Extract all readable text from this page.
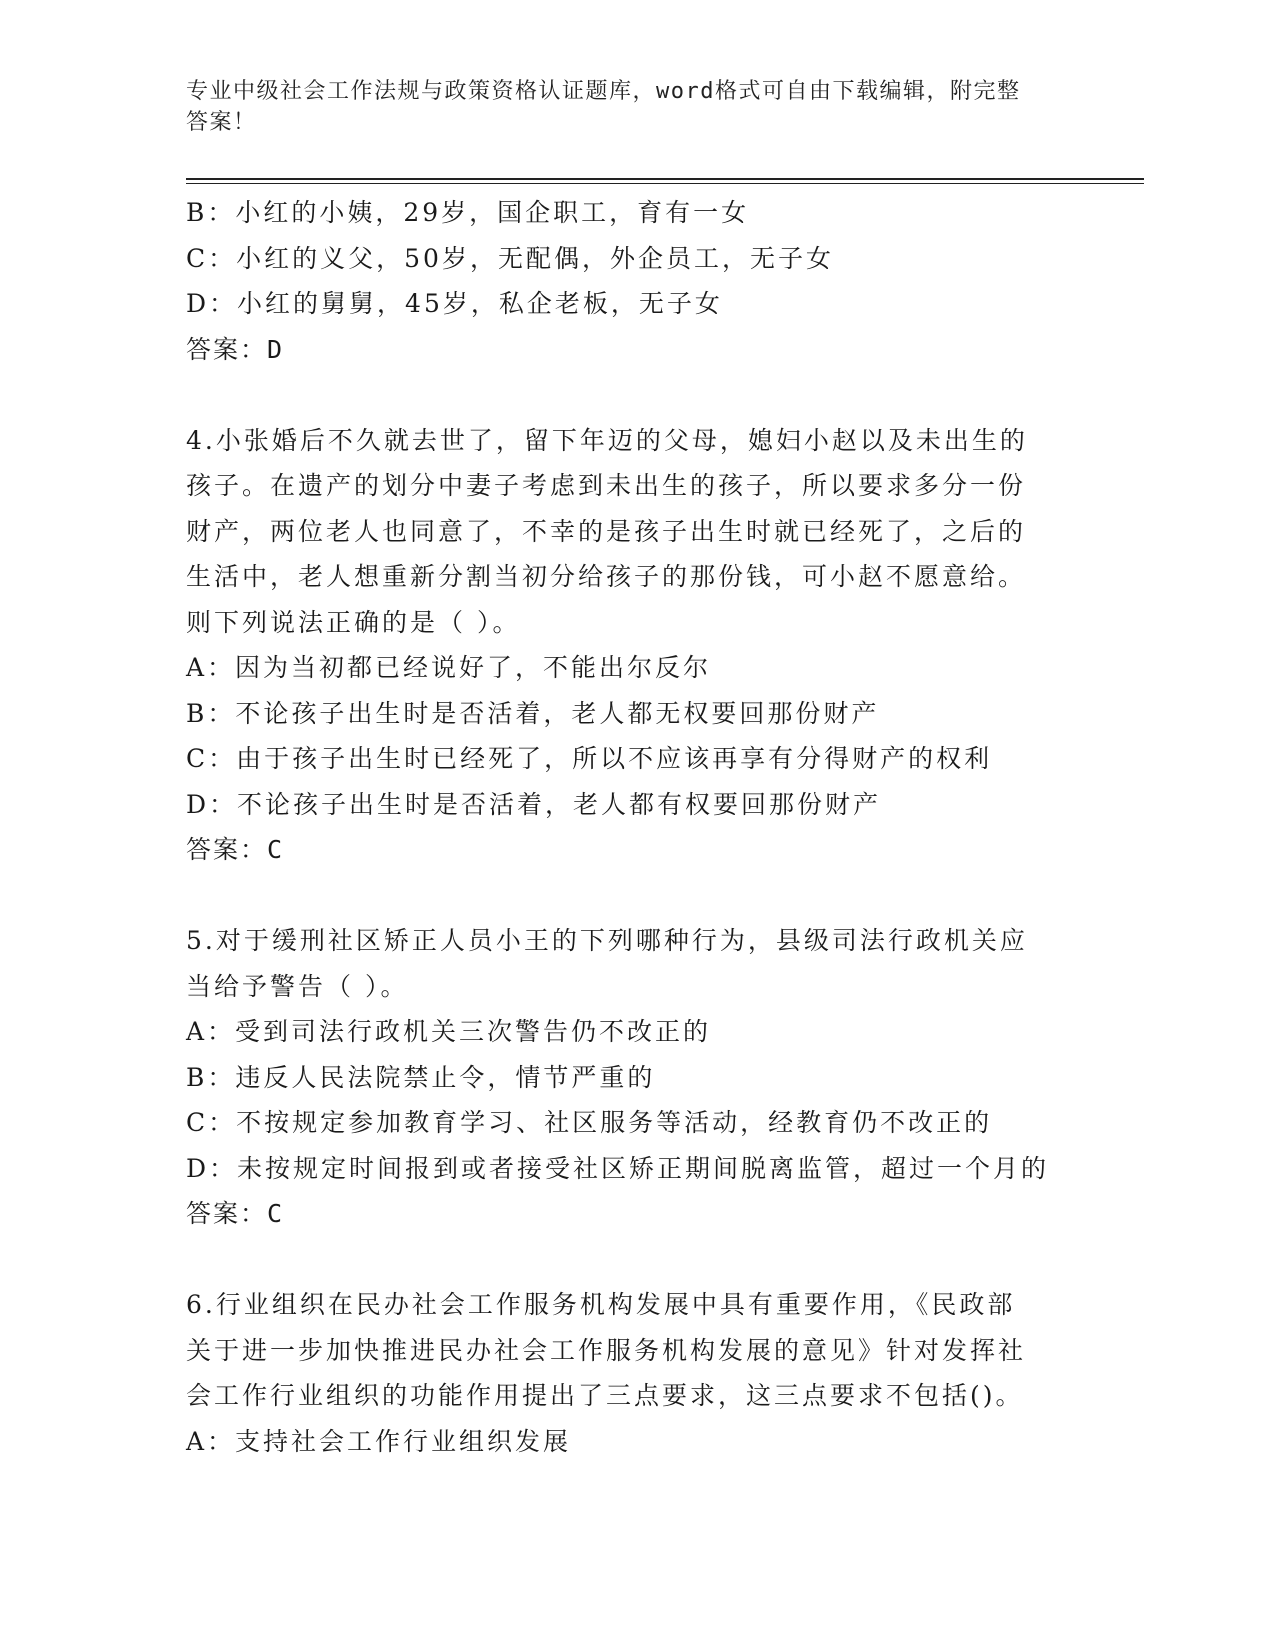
专业中级社会工作法规与政策资格认证题库，word格式可自由下载编辑，附完整
答案！
B：小红的小姨，29岁，国企职工，育有一女
C：小红的义父，50岁，无配偶，外企员工，无子女
D：小红的舅舅，45岁，私企老板，无子女
答案：D
4.小张婚后不久就去世了，留下年迈的父母，媳妇小赵以及未出生的
孩子。在遗产的划分中妻子考虑到未出生的孩子，所以要求多分一份
财产，两位老人也同意了，不幸的是孩子出生时就已经死了，之后的
生活中，老人想重新分割当初分给孩子的那份钱，可小赵不愿意给。
则下列说法正确的是（ ）。
A：因为当初都已经说好了，不能出尔反尔
B：不论孩子出生时是否活着，老人都无权要回那份财产
C：由于孩子出生时已经死了，所以不应该再享有分得财产的权利
D：不论孩子出生时是否活着，老人都有权要回那份财产
答案：C
5.对于缓刑社区矫正人员小王的下列哪种行为，县级司法行政机关应
当给予警告（ ）。
A：受到司法行政机关三次警告仍不改正的
B：违反人民法院禁止令，情节严重的
C：不按规定参加教育学习、社区服务等活动，经教育仍不改正的
D：未按规定时间报到或者接受社区矫正期间脱离监管，超过一个月的
答案：C
6.行业组织在民办社会工作服务机构发展中具有重要作用，《民政部
关于进一步加快推进民办社会工作服务机构发展的意见》针对发挥社
会工作行业组织的功能作用提出了三点要求，这三点要求不包括()。
A：支持社会工作行业组织发展
